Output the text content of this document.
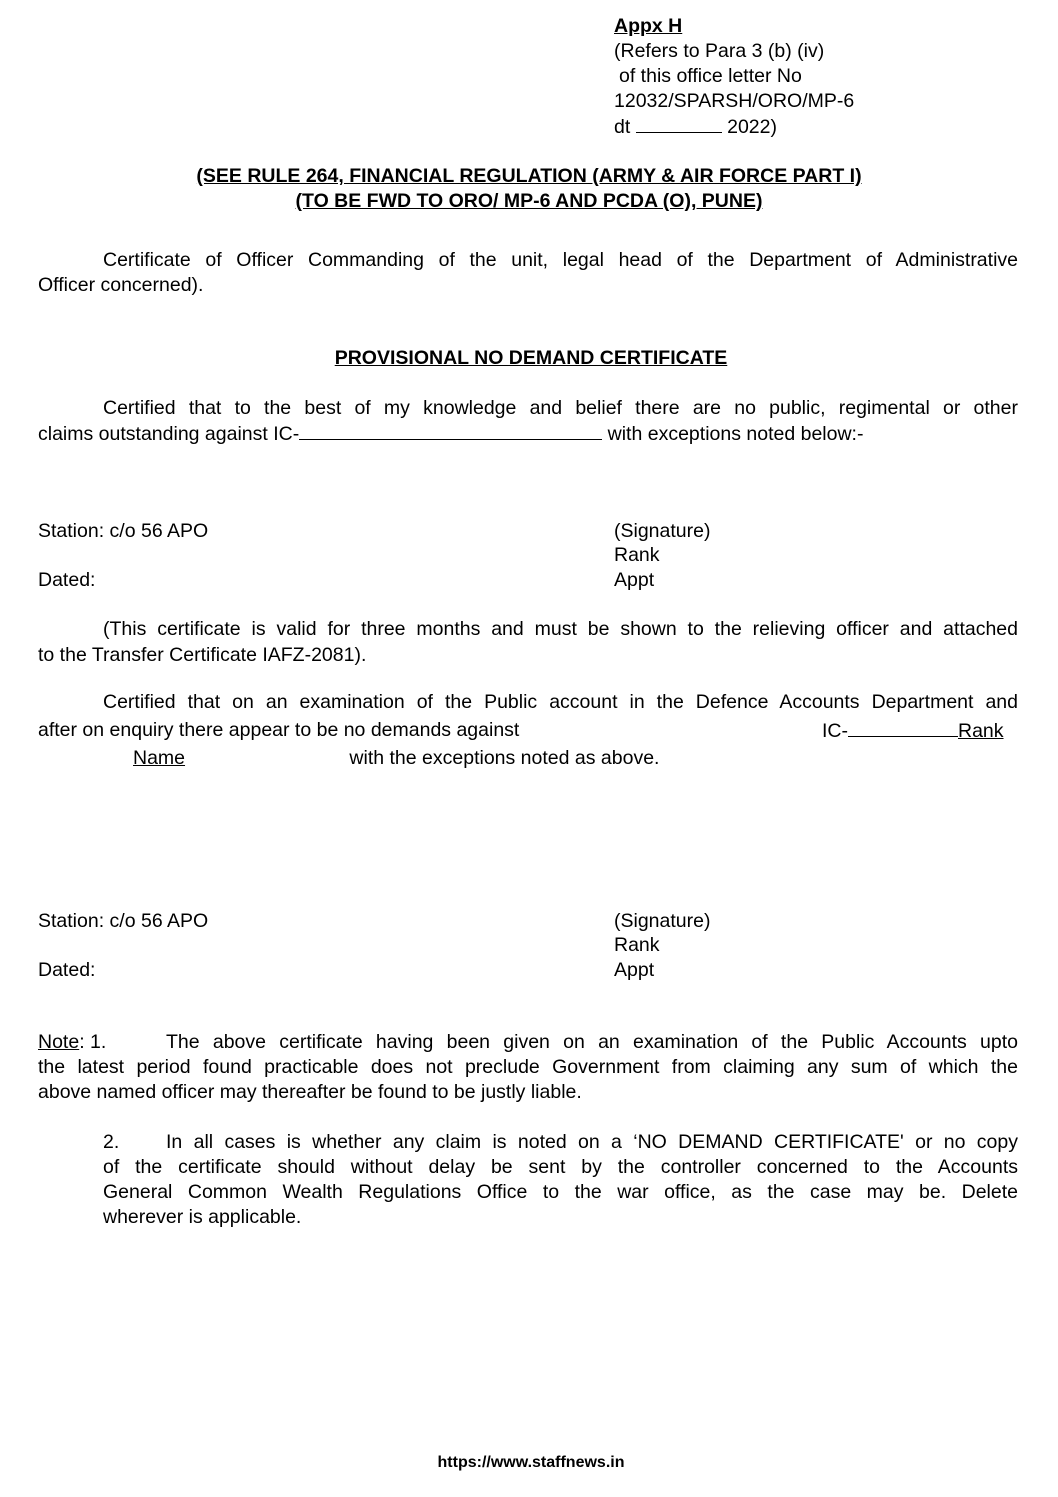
Appx H
(Refers to Para 3 (b) (iv)
of this office letter No
12032/SPARSH/ORO/MP-6
dt	2022)
(SEE RULE 264, FINANCIAL REGULATION (ARMY & AIR FORCE PART I)
(TO BE FWD TO ORO/ MP-6 AND PCDA (O), PUNE)
Certificate of Officer Commanding of the unit, legal head of the Department of Administrative
Officer concerned).
PROVISIONAL NO DEMAND CERTIFICATE
Certified that to the best of my knowledge and belief there are no public, regimental or other
claims outstanding against IC-	with exceptions noted below:-
Station: c/o 56 APO
Dated:
(Signature)
Rank
Appt
(This certificate is valid for three months and must be shown to the relieving officer and attached
to the Transfer Certificate IAFZ-2081).
Certified that on an examination of the Public account in the Defence Accounts Department and
after on enquiry there appear to be no demands against	IC-	Rank
Name	with the exceptions noted as above.
Station: c/o 56 APO
Dated:
(Signature)
Rank
Appt
Note: 1.	The above certificate having been given on an examination of the Public Accounts upto
the latest period found practicable does not preclude Government from claiming any sum of which the
above named officer may thereafter be found to be justly liable.
2. In all cases is whether any claim is noted on a ‘NO DEMAND CERTIFICATE' or no copy
of the certificate should without delay be sent by the controller concerned to the Accounts
General Common Wealth Regulations Office to the war office, as the case may be. Delete
wherever is applicable.
https://www.staffnews.in
